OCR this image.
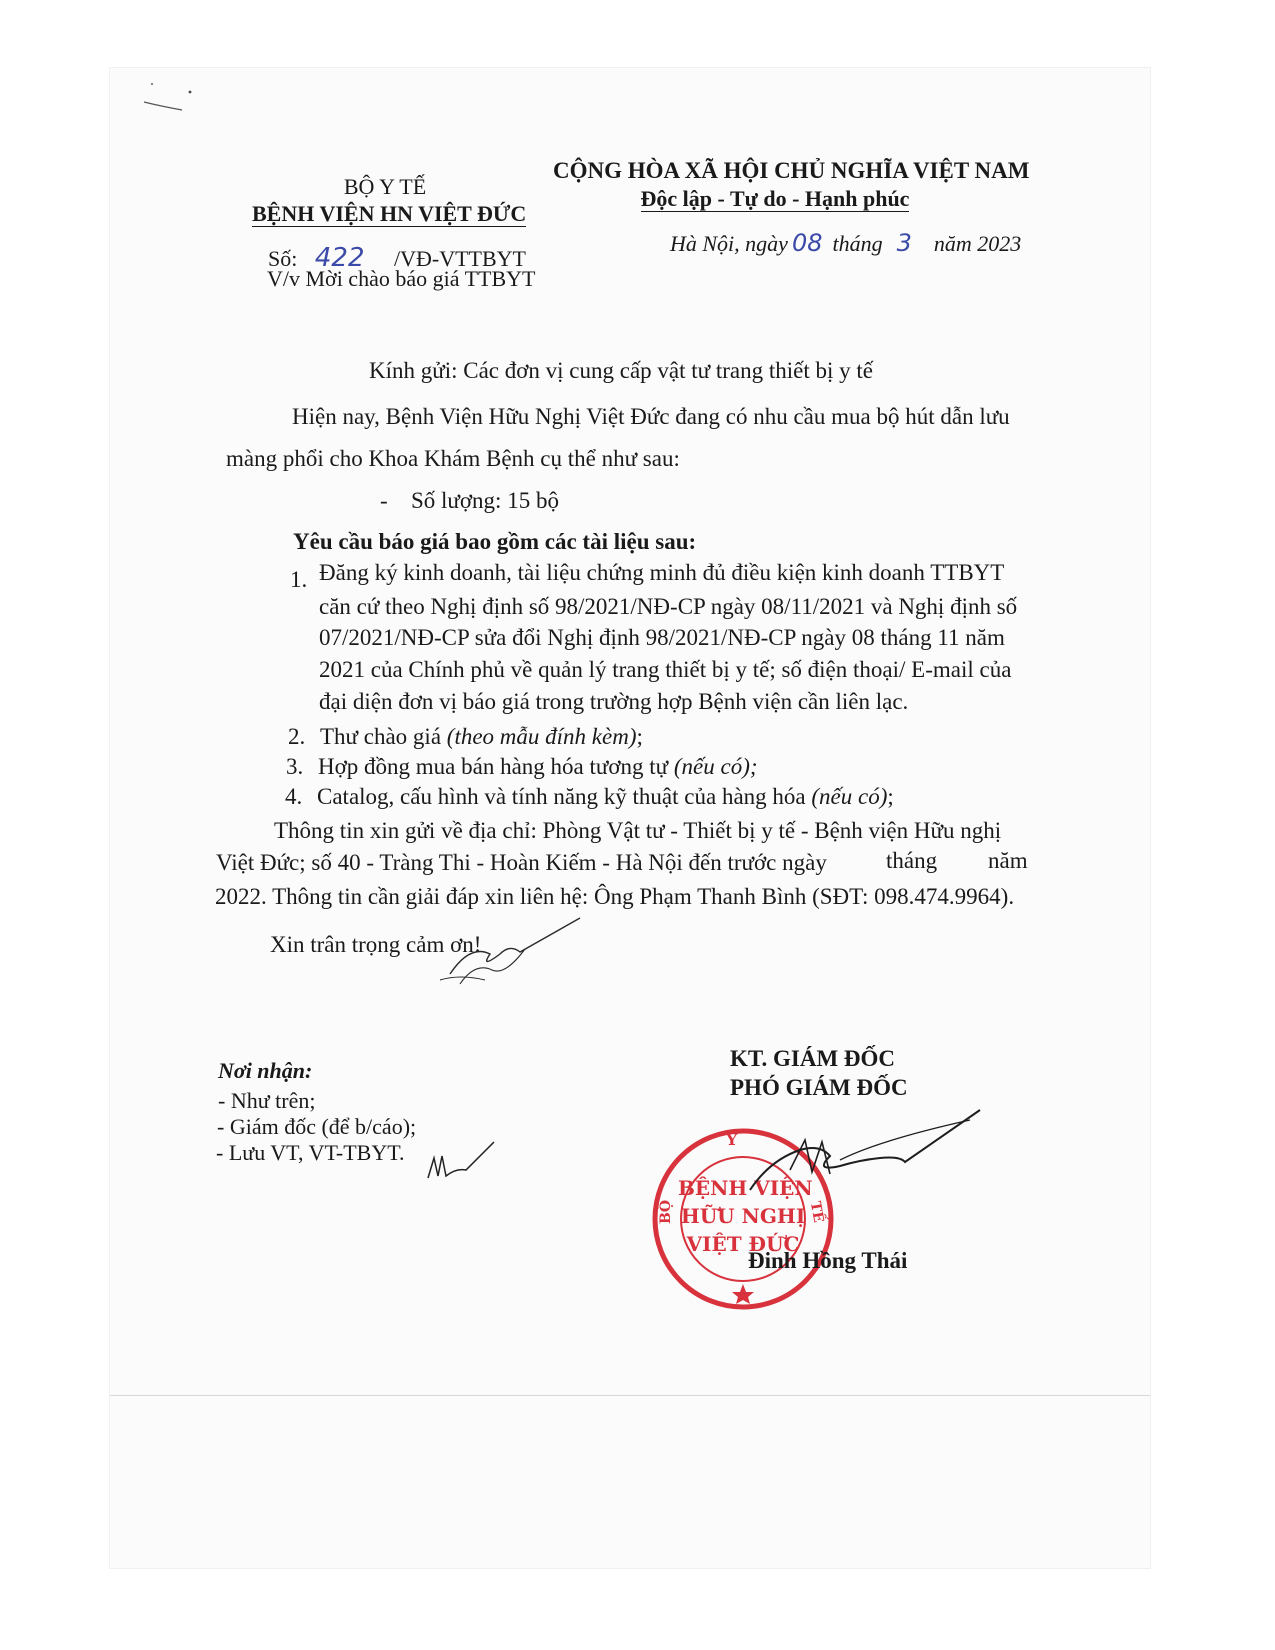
BỘ Y TẾ
BỆNH VIỆN HN VIỆT ĐỨC
Số: 422 /VĐ-VTTBYT
V/v Mời chào báo giá TTBYT
CỘNG HÒA XÃ HỘI CHỦ NGHĨA VIỆT NAM
Độc lập - Tự do - Hạnh phúc
Hà Nội, ngày 08 tháng 3 năm 2023
Kính gửi: Các đơn vị cung cấp vật tư trang thiết bị y tế
Hiện nay, Bệnh Viện Hữu Nghị Việt Đức đang có nhu cầu mua bộ hút dẫn lưu
màng phổi cho Khoa Khám Bệnh cụ thể như sau:
- Số lượng: 15 bộ
Yêu cầu báo giá bao gồm các tài liệu sau:
1. Đăng ký kinh doanh, tài liệu chứng minh đủ điều kiện kinh doanh TTBYT
căn cứ theo Nghị định số 98/2021/NĐ-CP ngày 08/11/2021 và Nghị định số
07/2021/NĐ-CP sửa đổi Nghị định 98/2021/NĐ-CP ngày 08 tháng 11 năm
2021 của Chính phủ về quản lý trang thiết bị y tế; số điện thoại/ E-mail của
đại diện đơn vị báo giá trong trường hợp Bệnh viện cần liên lạc.
2. Thư chào giá (theo mẫu đính kèm);
3. Hợp đồng mua bán hàng hóa tương tự (nếu có);
4. Catalog, cấu hình và tính năng kỹ thuật của hàng hóa (nếu có);
Thông tin xin gửi về địa chỉ: Phòng Vật tư - Thiết bị y tế - Bệnh viện Hữu nghị
Việt Đức; số 40 - Tràng Thi - Hoàn Kiếm - Hà Nội đến trước ngày	tháng năm
2022. Thông tin cần giải đáp xin liên hệ: Ông Phạm Thanh Bình (SĐT: 098.474.9964).
Xin trân trọng cảm ơn!
Nơi nhận:
- Như trên;
- Giám đốc (để b/cáo);
- Lưu VT, VT-TBYT.
KT. GIÁM ĐỐC
PHÓ GIÁM ĐỐC
Y
BỘ	TẾ
BỆNH VIỆN
HỮU NGHỊ
VIỆT ĐỨC
Đinh Hồng Thái
